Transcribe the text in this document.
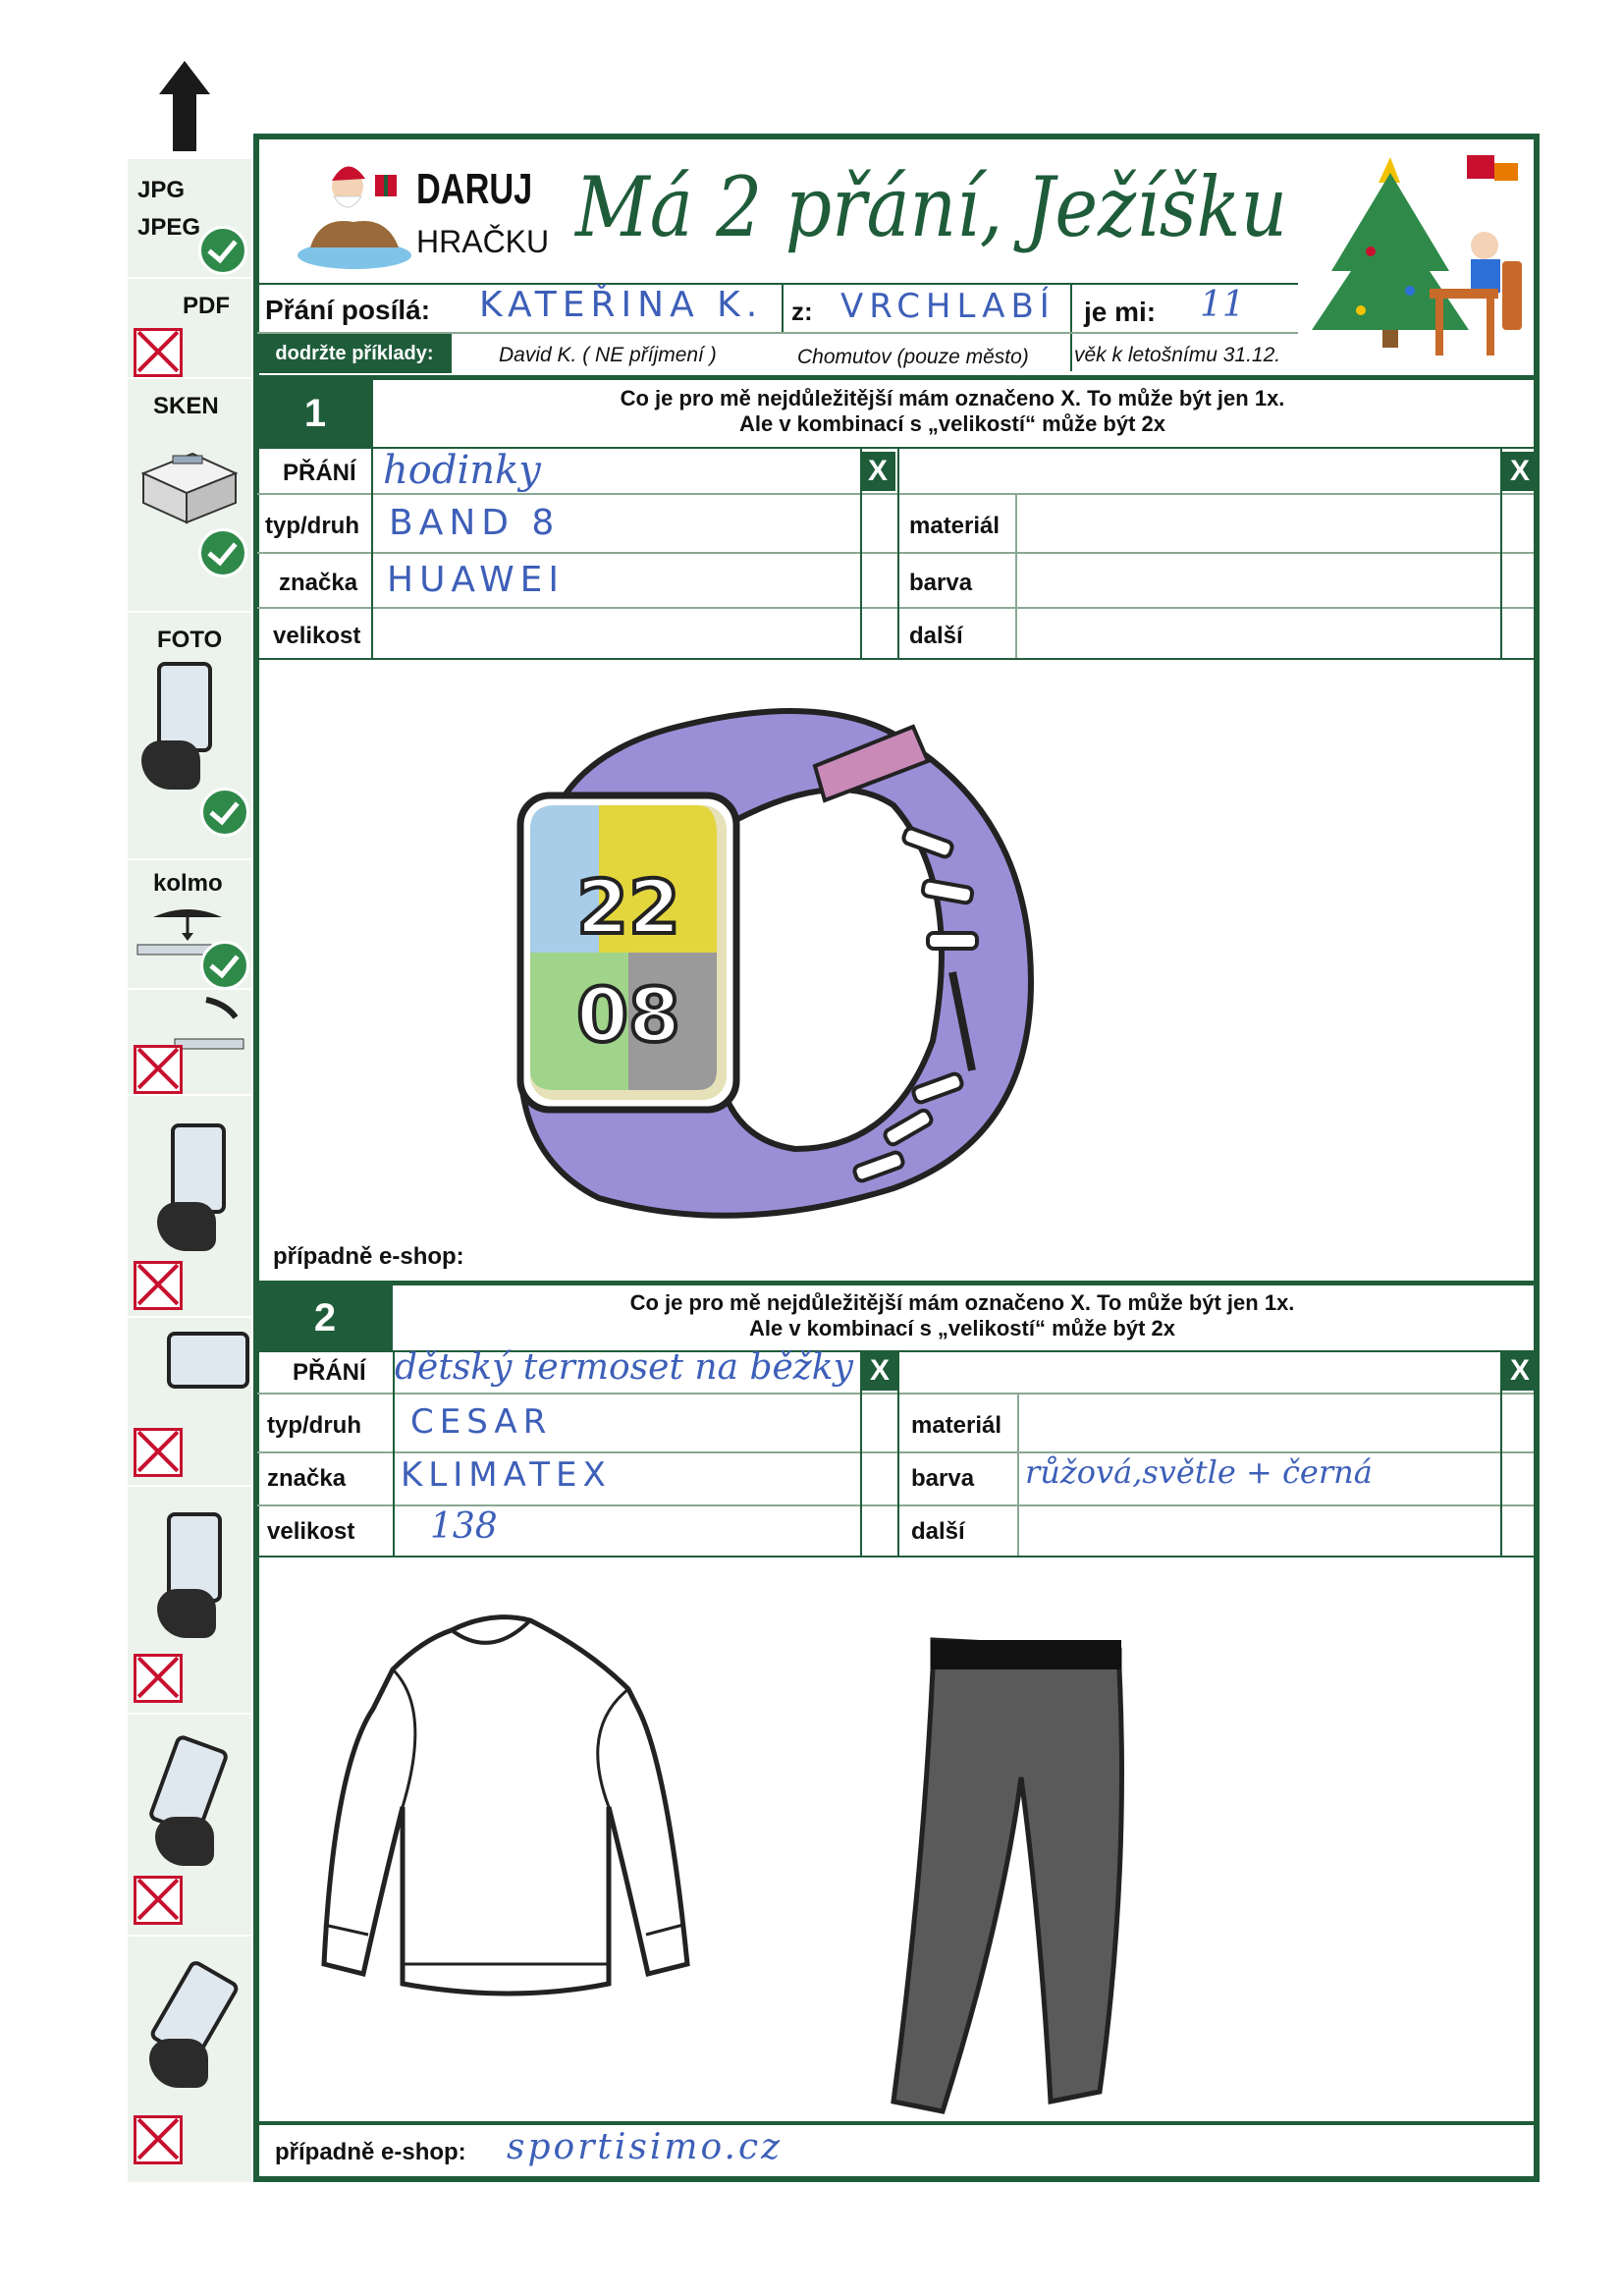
JPG
JPEG
PDF
SKEN
FOTO
kolmo
DARUJ
HRAČKU Má 2 přání, Ježíšku
Přání posílá: KATEŘINA K. z: VRCHLABÍ je mi: 11
dodržte příklady:	David K. ( NE příjmení )	Chomutov (pouze město) věk k letošnímu 31.12.
1	Co je pro mě nejdůležitější mám označeno X. To může být jen 1x.
Ale v kombinací s „velikostí“ může být 2x
PŘÁNÍ hodinky	X	X
typ/druh BAND 8	materiál
značka HUAWEI	barva
velikost	další
22
08
případně e-shop:
2	Co je pro mě nejdůležitější mám označeno X. To může být jen 1x.
Ale v kombinací s „velikostí“ může být 2x
PŘÁNÍ dětský termoset na běžky X	X
typ/druh CESAR	materiál
značka KLIMATEX	barva růžová,světle + černá
velikost 138	další
případně e-shop: sportisimo.cz
